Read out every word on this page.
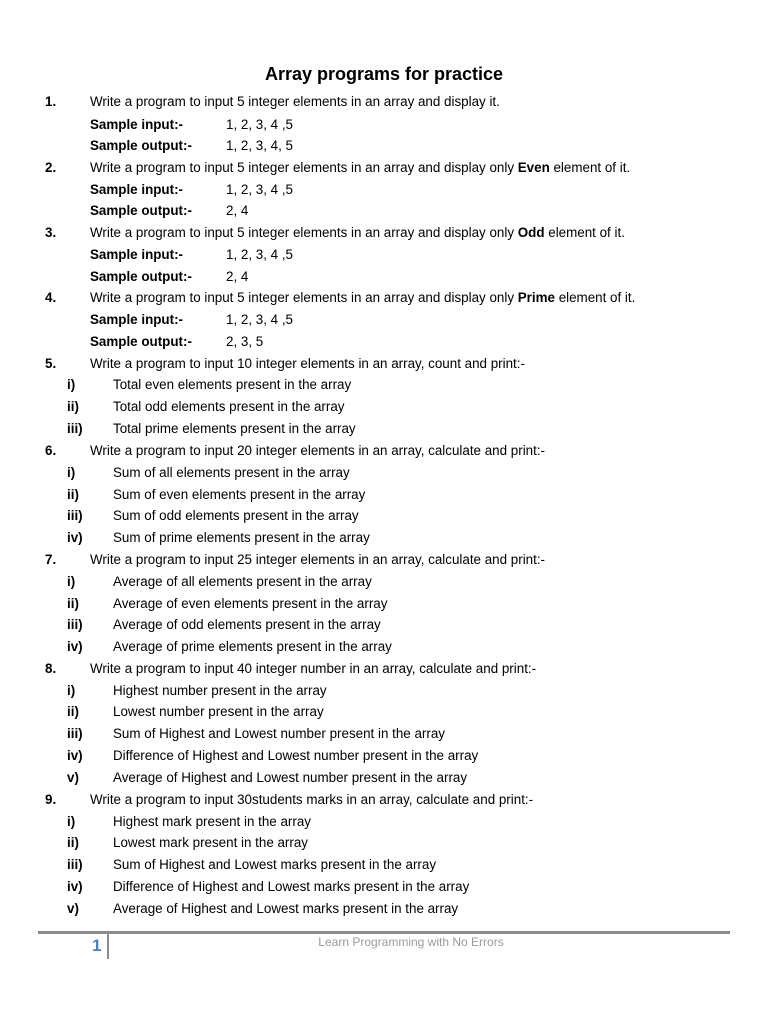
Array programs for practice
1.	Write a program to input 5 integer elements in an array and display it.
Sample input:-	1, 2, 3, 4 ,5
Sample output:-	1, 2, 3, 4, 5
2.	Write a program to input 5 integer elements in an array and display only Even element of it.
Sample input:-	1, 2, 3, 4 ,5
Sample output:-	2, 4
3.	Write a program to input 5 integer elements in an array and display only Odd element of it.
Sample input:-	1, 2, 3, 4 ,5
Sample output:-	2, 4
4.	Write a program to input 5 integer elements in an array and display only Prime element of it.
Sample input:-	1, 2, 3, 4 ,5
Sample output:-	2, 3, 5
5.	Write a program to input 10 integer elements in an array, count and print:-
i)	Total even elements present in the array
ii)	Total odd elements present in the array
iii) Total prime elements present in the array
6.	Write a program to input 20 integer elements in an array, calculate and print:-
i)	Sum of all elements present in the array
ii)	Sum of even elements present in the array
iii) Sum of odd elements present in the array
iv) Sum of prime elements present in the array
7.	Write a program to input 25 integer elements in an array, calculate and print:-
i)	Average of all elements present in the array
ii)	Average of even elements present in the array
iii) Average of odd elements present in the array
iv) Average of prime elements present in the array
8.	Write a program to input 40 integer number in an array, calculate and print:-
i)	Highest number present in the array
ii)	Lowest number present in the array
iii) Sum of Highest and Lowest number present in the array
iv) Difference of Highest and Lowest number present in the array
v)	Average of Highest and Lowest number present in the array
9.	Write a program to input 30students marks in an array, calculate and print:-
i)	Highest mark present in the array
ii)	Lowest mark present in the array
iii) Sum of Highest and Lowest marks present in the array
iv) Difference of Highest and Lowest marks present in the array
v)	Average of Highest and Lowest marks present in the array
1	Learn Programming with No Errors
